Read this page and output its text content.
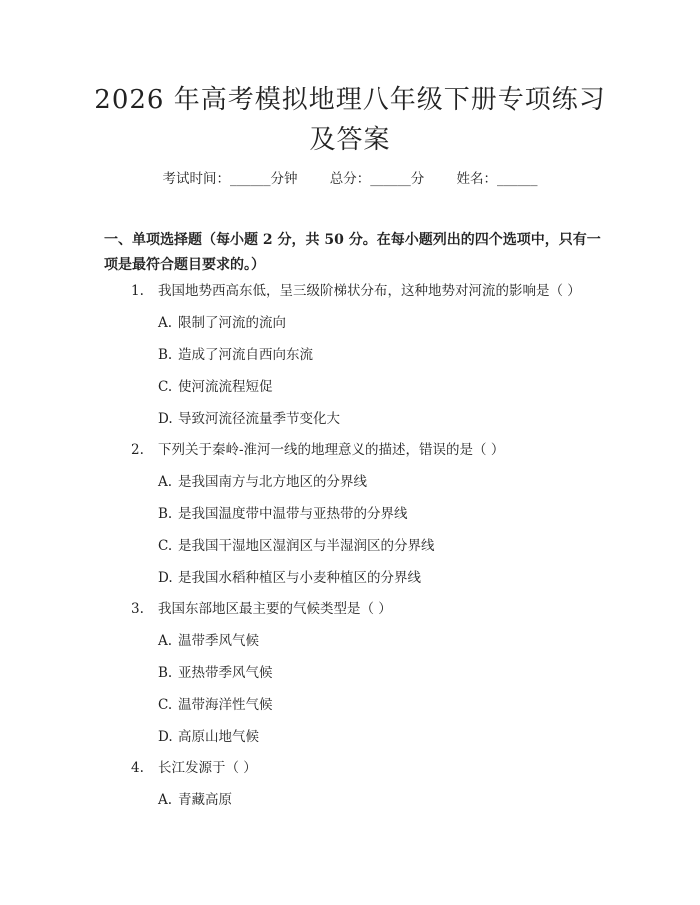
2026 年高考模拟地理八年级下册专项练习及答案
考试时间：______分钟 总分：______分 姓名：______

一、单项选择题（每小题 2 分，共 50 分。在每小题列出的四个选项中，只有一项是最符合题目要求的。）

1. 我国地势西高东低，呈三级阶梯状分布，这种地势对河流的影响是（ ）
A. 限制了河流的流向
B. 造成了河流自西向东流
C. 使河流流程短促
D. 导致河流径流量季节变化大
2. 下列关于秦岭-淮河一线的地理意义的描述，错误的是（ ）
A. 是我国南方与北方地区的分界线
B. 是我国温度带中温带与亚热带的分界线
C. 是我国干湿地区湿润区与半湿润区的分界线
D. 是我国水稻种植区与小麦种植区的分界线
3. 我国东部地区最主要的气候类型是（ ）
A. 温带季风气候
B. 亚热带季风气候
C. 温带海洋性气候
D. 高原山地气候
4. 长江发源于（ ）
A. 青藏高原
